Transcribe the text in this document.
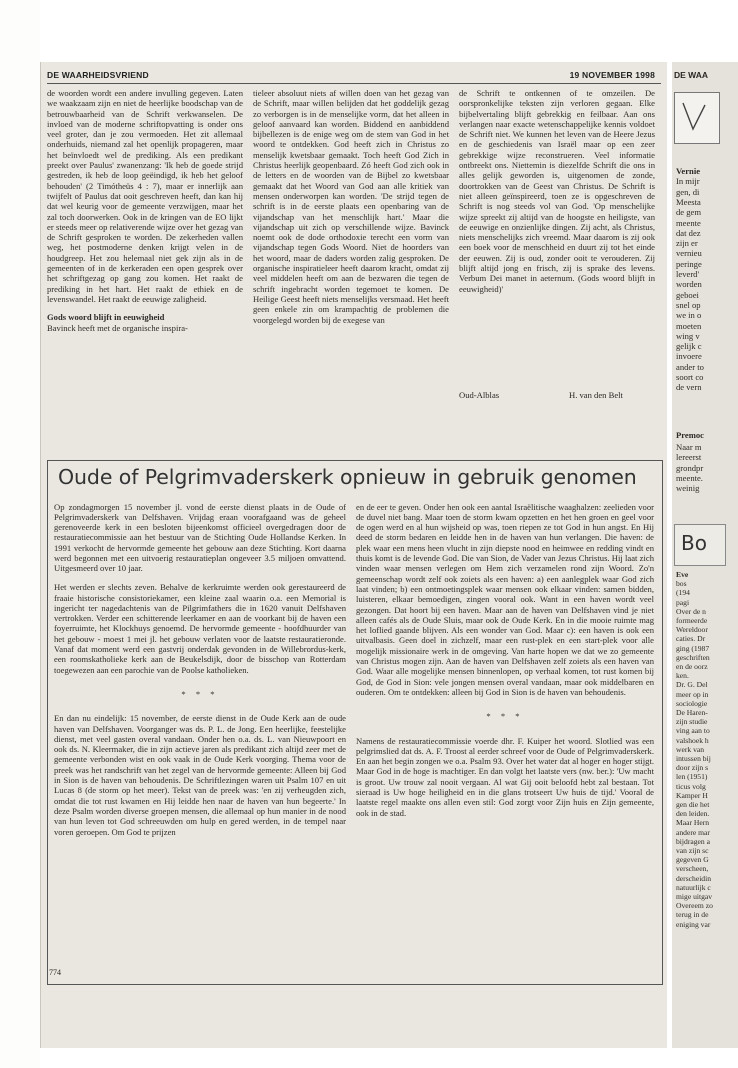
DE WAARHEIDSVRIEND	19 NOVEMBER 1998

de woorden wordt een andere invulling gegeven. Laten we waakzaam zijn en niet de heerlijke boodschap van de betrouwbaarheid van de Schrift verkwanselen. De invloed van de moderne schriftopvatting is onder ons veel groter, dan je zou vermoeden. Het zit allemaal onderhuids, niemand zal het openlijk propageren, maar het beïnvloedt wel de prediking. Als een predikant preekt over Paulus' zwanenzang: 'Ik heb de goede strijd gestreden, ik heb de loop geëindigd, ik heb het geloof behouden' (2 Timótheüs 4 : 7), maar er innerlijk aan twijfelt of Paulus dat ooit geschreven heeft, dan kan hij dat wel keurig voor de gemeente verzwijgen, maar het zal toch doorwerken. Ook in de kringen van de EO lijkt er steeds meer op relativerende wijze over het gezag van de Schrift gesproken te worden. De zekerheden vallen weg, het postmoderne denken krijgt velen in de houdgreep. Het zou helemaal niet gek zijn als in de gemeenten of in de kerkeraden een open gesprek over het schriftgezag op gang zou komen. Het raakt de prediking in het hart. Het raakt de ethiek en de levenswandel. Het raakt de eeuwige zaligheid.

Gods woord blijft in eeuwigheid

Bavinck heeft met de organische inspira-

tieleer absoluut niets af willen doen van het gezag van de Schrift, maar willen belijden dat het goddelijk gezag zo verborgen is in de menselijke vorm, dat het alleen in geloof aanvaard kan worden. Biddend en aanbiddend bijbellezen is de enige weg om de stem van God in het woord te ontdekken. God heeft zich in Christus zo menselijk kwetsbaar gemaakt. Toch heeft God Zich in Christus heerlijk geopenbaard. Zó heeft God zich ook in de letters en de woorden van de Bijbel zo kwetsbaar gemaakt dat het Woord van God aan alle kritiek van mensen onderworpen kan worden. 'De strijd tegen de schrift is in de eerste plaats een openbaring van de vijandschap van het menschlijk hart.' Maar die vijandschap uit zich op verschillende wijze. Bavinck noemt ook de dode orthodoxie terecht een vorm van vijandschap tegen Gods Woord. Niet de hoorders van het woord, maar de daders worden zalig gesproken. De organische inspiratieleer heeft daarom kracht, omdat zij veel middelen heeft om aan de bezwaren die tegen de schrift ingebracht worden tegemoet te komen. De Heilige Geest heeft niets menselijks versmaad. Het heeft geen enkele zin om krampachtig de problemen die voorgelegd worden bij de exegese van

de Schrift te ontkennen of te omzeilen. De oorspronkelijke teksten zijn verloren gegaan. Elke bijbelvertaling blijft gebrekkig en feilbaar. Aan ons verlangen naar exacte wetenschappelijke kennis voldoet de Schrift niet. We kunnen het leven van de Heere Jezus en de geschiedenis van Israël maar op een zeer gebrekkige wijze reconstrueren. Veel informatie ontbreekt ons. Niettemin is diezelfde Schrift die ons in alles gelijk geworden is, uitgenomen de zonde, doortrokken van de Geest van Christus. De Schrift is niet alleen geïnspireerd, toen ze is opgeschreven de Schrift is nog steeds vol van God. 'Op menschelijke wijze spreekt zij altijd van de hoogste en heiligste, van de eeuwige en onzienlijke dingen. Zij acht, als Christus, niets menschelijks zich vreemd. Maar daarom is zij ook een boek voor de menschheid en duurt zij tot het einde der eeuwen. Zij is oud, zonder ooit te verouderen. Zij blijft altijd jong en frisch, zij is sprake des levens. Verbum Dei manet in aeternum. (Gods woord blijft in eeuwigheid)'

Oud-Alblas	H. van den Belt
Oude of Pelgrimvaderskerk opnieuw in gebruik genomen

Op zondagmorgen 15 november jl. vond de eerste dienst plaats in de Oude of Pelgrimvaderskerk van Delfshaven. Vrijdag eraan voorafgaand was de geheel gerenoveerde kerk in een besloten bijeenkomst officieel overgedragen door de restauratiecommissie aan het bestuur van de Stichting Oude Hollandse Kerken. In 1991 verkocht de hervormde gemeente het gebouw aan deze Stichting. Kort daarna werd begonnen met een uitvoerig restauratieplan ongeveer 3.5 miljoen omvattend. Uitgesmeerd over 10 jaar.

Het werden er slechts zeven. Behalve de kerkruimte werden ook gerestaureerd de fraaie historische consistoriekamer, een kleine zaal waarin o.a. een Memorial is ingericht ter nagedachtenis van de Pilgrimfathers die in 1620 vanuit Delfshaven vertrokken. Verder een schitterende leerkamer en aan de voorkant bij de haven een foyerruimte, het Klockhuys genoemd. De hervormde gemeente - hoofdhuurder van het gebouw - moest 1 mei jl. het gebouw verlaten voor de laatste restauratieronde. Vanaf dat moment werd een gastvrij onderdak gevonden in de Willebrordus-kerk, een roomskatholieke kerk aan de Beukelsdijk, door de bisschop van Rotterdam toegewezen aan een parochie van de Poolse katholieken.

* * *

En dan nu eindelijk: 15 november, de eerste dienst in de Oude Kerk aan de oude haven van Delfshaven. Voorganger was ds. P. L. de Jong. Een heerlijke, feestelijke dienst, met veel gasten overal vandaan. Onder hen o.a. ds. L. van Nieuwpoort en ook ds. N. Kleermaker, die in zijn actieve jaren als predikant zich altijd zeer met de gemeente verbonden wist en ook vaak in de Oude Kerk voorging. Thema voor de preek was het randschrift van het zegel van de hervormde gemeente: Alleen bij God in Sion is de haven van behoudenis. De Schriftlezingen waren uit Psalm 107 en uit Lucas 8 (de storm op het meer). Tekst van de preek was: 'en zij verheugden zich, omdat die tot rust kwamen en Hij leidde hen naar de haven van hun begeerte.' In deze Psalm worden diverse groepen mensen, die allemaal op hun manier in de nood van hun leven tot God schreeuwden om hulp en gered werden, in de tempel naar voren geroepen. Om God te prijzen

en de eer te geven. Onder hen ook een aantal Israëlitische waaghalzen: zeelieden voor de duvel niet bang. Maar toen de storm kwam opzetten en het hen groen en geel voor de ogen werd en al hun wijsheid op was, toen riepen ze tot God in hun angst. En Hij deed de storm bedaren en leidde hen in de haven van hun verlangen. Die haven: de plek waar een mens heen vlucht in zijn diepste nood en heimwee en redding vindt en thuis komt is de levende God. Die van Sion, de Vader van Jezus Christus. Hij laat zich vinden waar mensen verlegen om Hem zich verzamelen rond zijn Woord. Zo'n gemeenschap wordt zelf ook zoiets als een haven: a) een aanlegplek waar God zich laat vinden; b) een ontmoetingsplek waar mensen ook elkaar vinden: samen bidden, luisteren, elkaar bemoedigen, zingen vooral ook. Want in een haven wordt veel gezongen. Dat hoort bij een haven. Maar aan de haven van Delfshaven vind je niet alleen cafés als de Oude Sluis, maar ook de Oude Kerk. En in die mooie ruimte mag het loflied gaande blijven. Als een wonder van God. Maar c): een haven is ook een uitvalbasis. Geen doel in zichzelf, maar een rust-plek en een start-plek voor alle mogelijk missionaire werk in de omgeving. Van harte hopen we dat we zo gemeente van Christus mogen zijn. Aan de haven van Delfshaven zelf zoiets als een haven van God. Waar alle mogelijke mensen binnenlopen, op verhaal komen, tot rust komen bij God, de God in Sion: vele jongen mensen overal vandaan, maar ook middelbaren en ouderen. Om te ontdekken: alleen bij God in Sion is de haven van behoudenis.

* * *

Namens de restauratiecommissie voerde dhr. F. Kuiper het woord. Slotlied was een pelgrimslied dat ds. A. F. Troost al eerder schreef voor de Oude of Pelgrimvaderskerk. En aan het begin zongen we o.a. Psalm 93. Over het water dat al hoger en hoger stijgt. Maar God in de hoge is machtiger. En dan volgt het laatste vers (nw. ber.): 'Uw macht is groot. Uw trouw zal nooit vergaan. Al wat Gij ooit beloofd hebt zal bestaan. Tot sieraad is Uw hoge heiligheid en in die glans trotseert Uw huis de tijd.' Vooral de laatste regel maakte ons allen even stil: God zorgt voor Zijn huis en Zijn gemeente, ook in de stad.

774
DE WAA
Bo
Vernie
In mijr
gen, di
Meesta
de gem
meente
dat dez
zijn er
vernieu
peringe
leverd'
worden
geboei
snel op
we in o
moeten
wing v
gelijk c
invoere
ander to
soort co
de vern
Premoc
Naar m
lereerst
grondpr
meente.
weinig
Eve
bos
(194
pagi
Over de n
formeerde
Wereldoor
caties. Dr
ging (1987
geschriften
en de oorz
ken.
Dr. G. Del
meer op in
sociologie
De Haren-
zijn studie
ving aan to
valshoek h
werk van
intussen bij
door zijn s
len (1951)
ticus volg
Kamper H
gen die het
den leiden.
Maar Hern
andere mar
bijdragen a
van zijn sc
gegeven G
verscheen,
derscheidin
natuurlijk c
mige uitgav
Overeem zo
terug in de
eniging var
